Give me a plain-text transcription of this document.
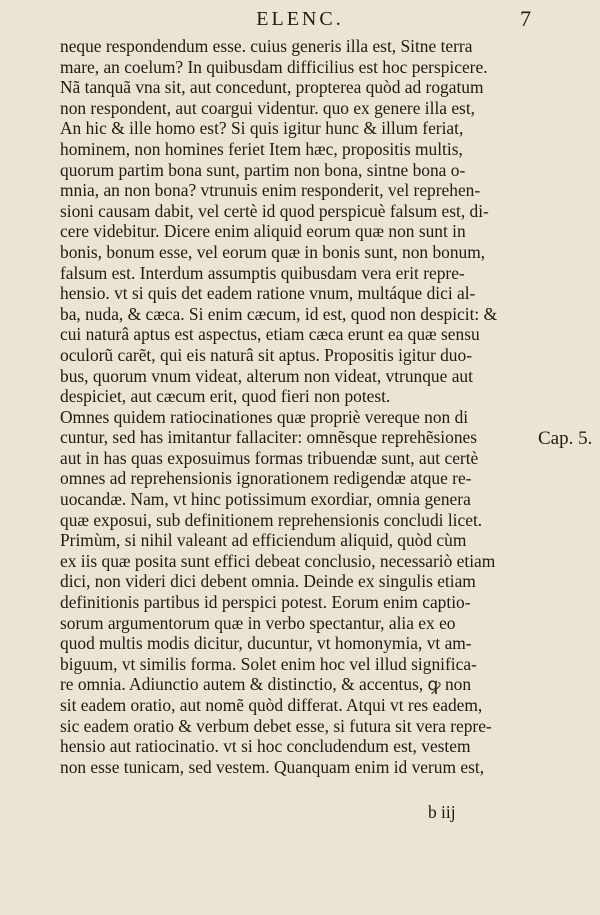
ELENC.	7
neque respondendum esse. cuius generis illa est, Sitne terra
mare, an coelum? In quibusdam difficilius est hoc perspicere.
Nã tanquã vna sit, aut concedunt, propterea quòd ad rogatum
non respondent, aut coargui videntur. quo ex genere illa est,
An hic & ille homo est? Si quis igitur hunc & illum feriat,
hominem, non homines feriet Item hæc, propositis multis,
quorum partim bona sunt, partim non bona, sintne bona o-
mnia, an non bona? vtrunuis enim responderit, vel reprehen-
sioni causam dabit, vel certè id quod perspicuè falsum est, di-
cere videbitur. Dicere enim aliquid eorum quæ non sunt in
bonis, bonum esse, vel eorum quæ in bonis sunt, non bonum,
falsum est. Interdum assumptis quibusdam vera erit repre-
hensio. vt si quis det eadem ratione vnum, multáque dici al-
ba, nuda, & cæca. Si enim cæcum, id est, quod non despicit: &
cui naturâ aptus est aspectus, etiam cæca erunt ea quæ sensu
oculorũ carẽt, qui eis naturâ sit aptus. Propositis igitur duo-
bus, quorum vnum videat, alterum non videat, vtrunque aut
despiciet, aut cæcum erit, quod fieri non potest.
Omnes quidem ratiocinationes quæ propriè vereque non di
cuntur, sed has imitantur fallaciter: omnẽsque reprehẽsiones
aut in has quas exposuimus formas tribuendæ sunt, aut certè
omnes ad reprehensionis ignorationem redigendæ atque re-
uocandæ. Nam, vt hinc potissimum exordiar, omnia genera
quæ exposui, sub definitionem reprehensionis concludi licet.
Primùm, si nihil valeant ad efficiendum aliquid, quòd cùm
ex iis quæ posita sunt effici debeat conclusio, necessariò etiam
dici, non videri dici debent omnia. Deinde ex singulis etiam
definitionis partibus id perspici potest. Eorum enim captio-
sorum argumentorum quæ in verbo spectantur, alia ex eo
quod multis modis dicitur, ducuntur, vt homonymia, vt am-
biguum, vt similis forma. Solet enim hoc vel illud significa-
re omnia. Adiunctio autem & distinctio, & accentus, ꝙ non
sit eadem oratio, aut nomẽ quòd differat. Atqui vt res eadem,
sic eadem oratio & verbum debet esse, si futura sit vera repre-
hensio aut ratiocinatio. vt si hoc concludendum est, vestem
non esse tunicam, sed vestem. Quanquam enim id verum est,
Cap. 5.
b iij
